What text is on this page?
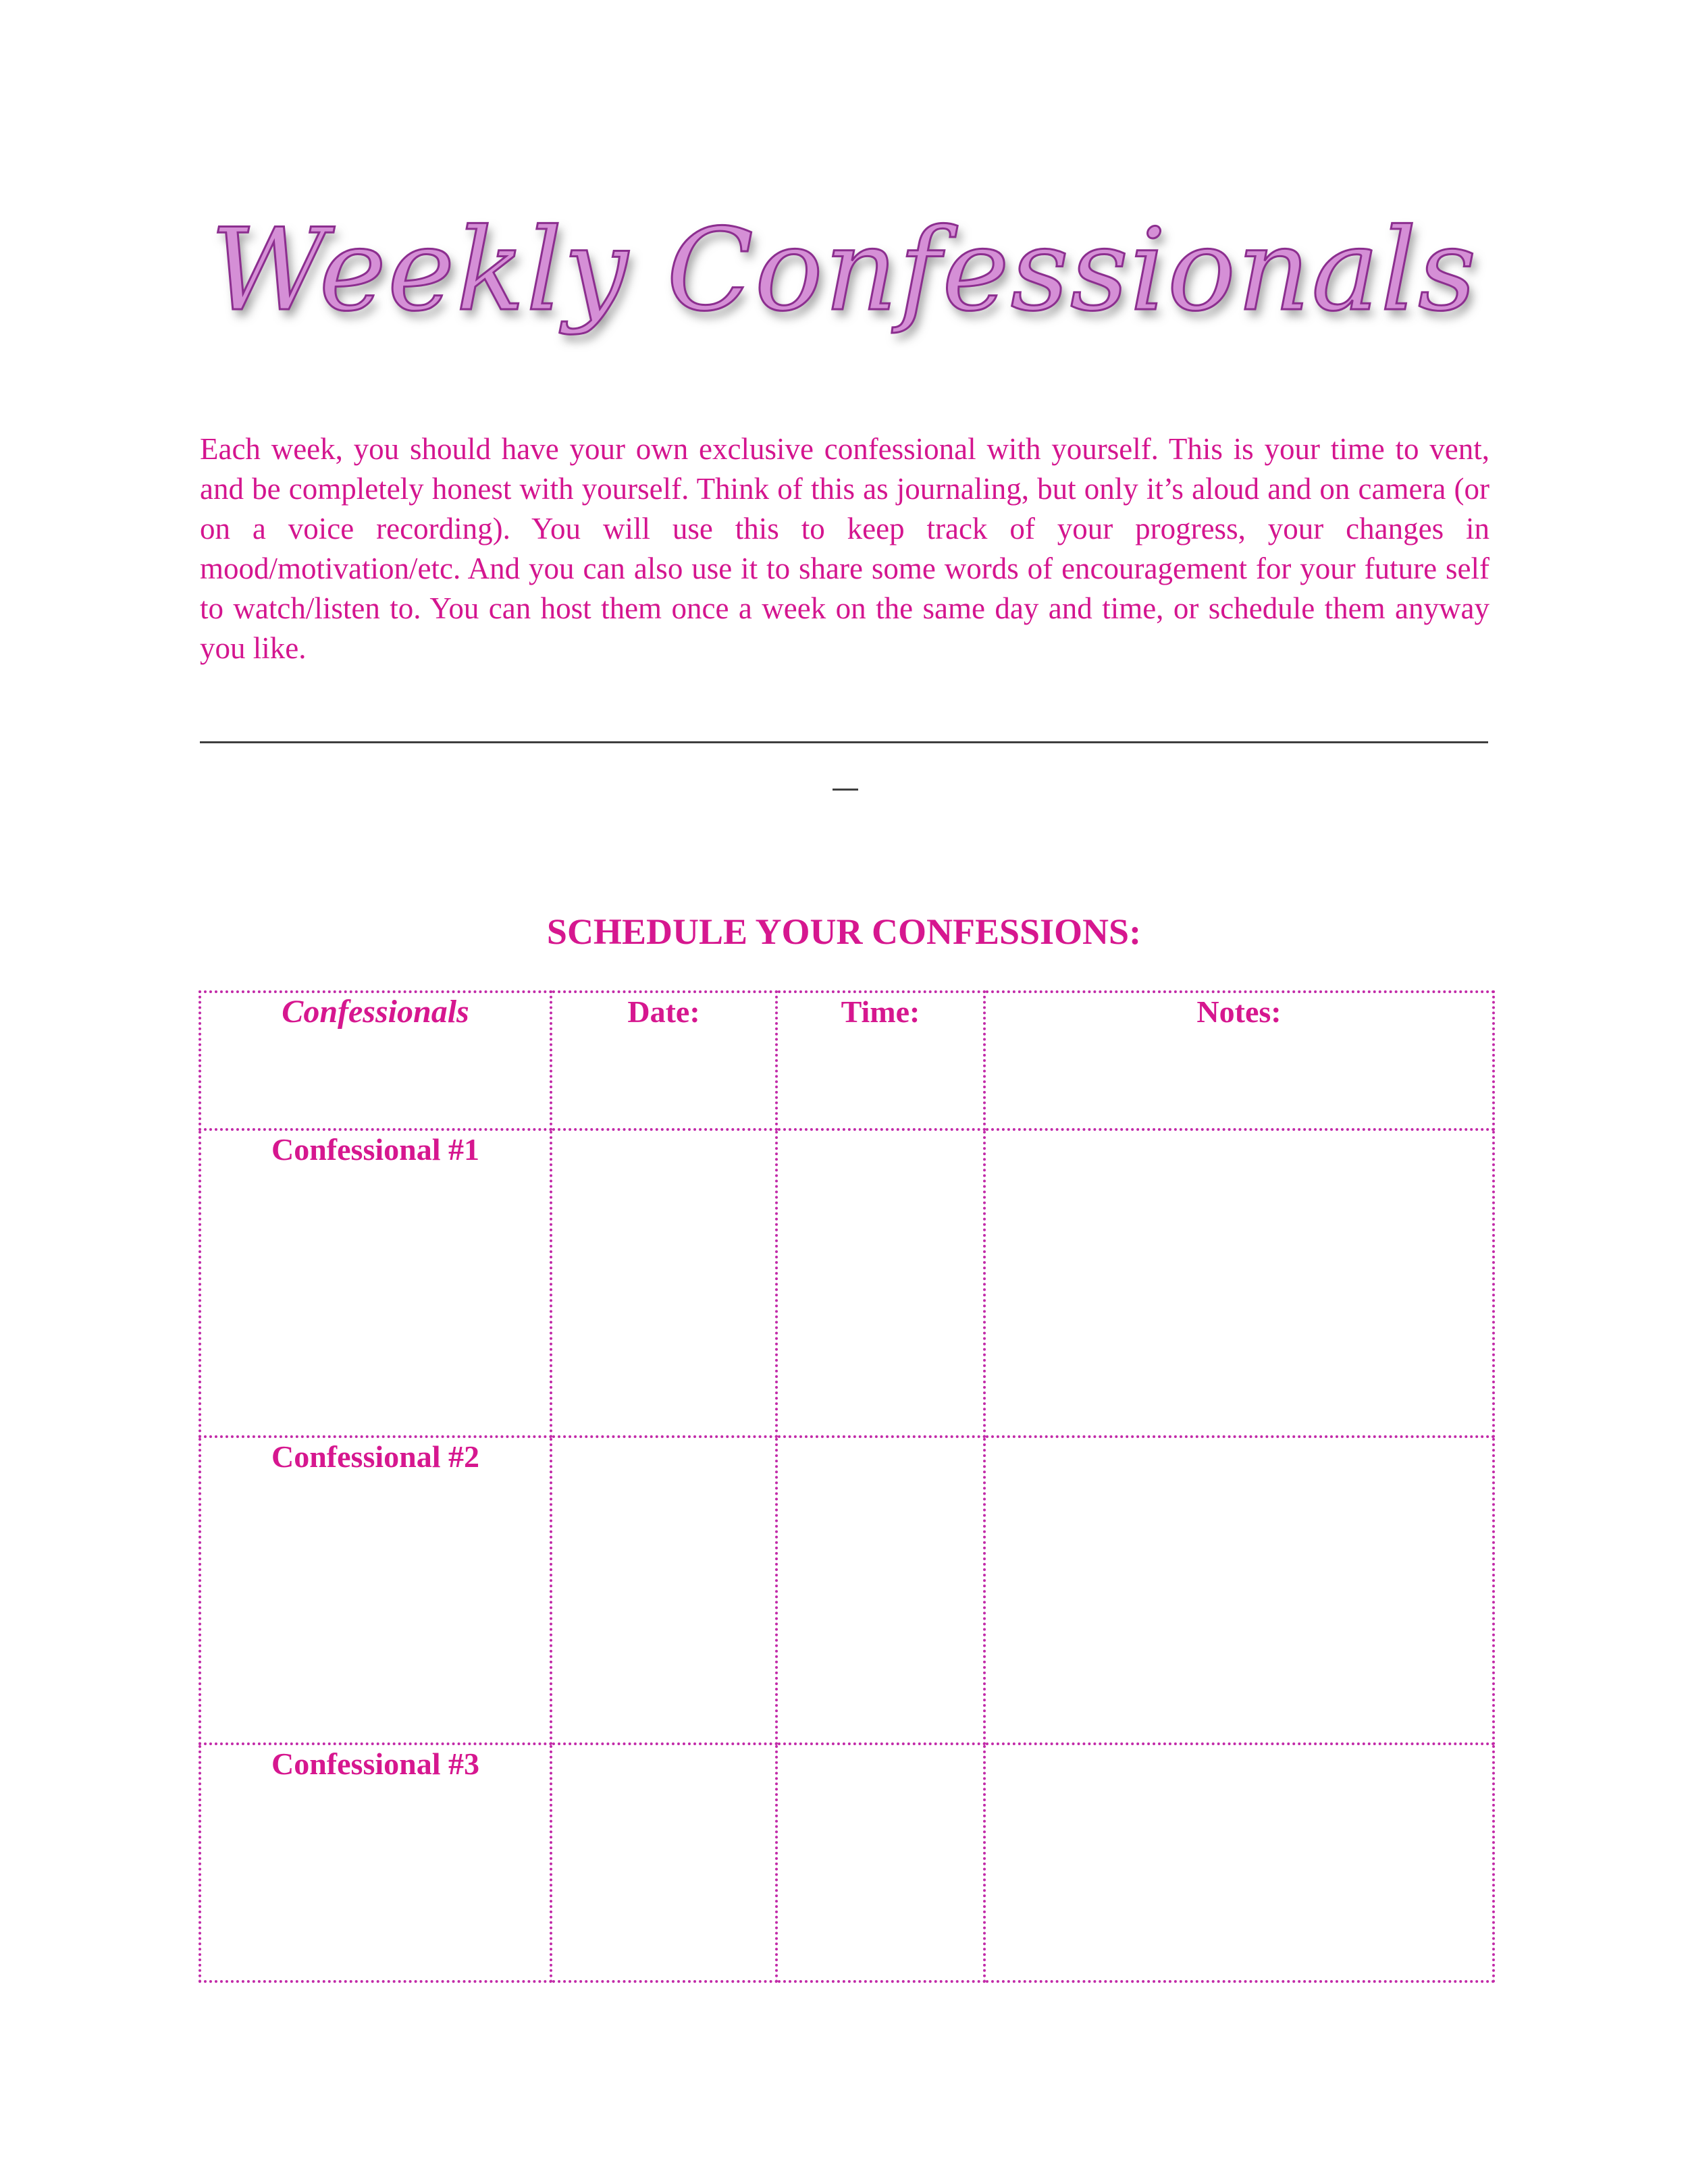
Weekly Confessionals

Each week, you should have your own exclusive confessional with yourself. This is your time to vent, and be completely honest with yourself. Think of this as journaling, but only it’s aloud and on camera (or on a voice recording). You will use this to keep track of your progress, your changes in mood/motivation/etc. And you can also use it to share some words of encouragement for your future self to watch/listen to. You can host them once a week on the same day and time, or schedule them anyway you like.

SCHEDULE YOUR CONFESSIONS:
Confessionals	Date:	Time:	Notes:
Confessional #1			
Confessional #2			
Confessional #3			
